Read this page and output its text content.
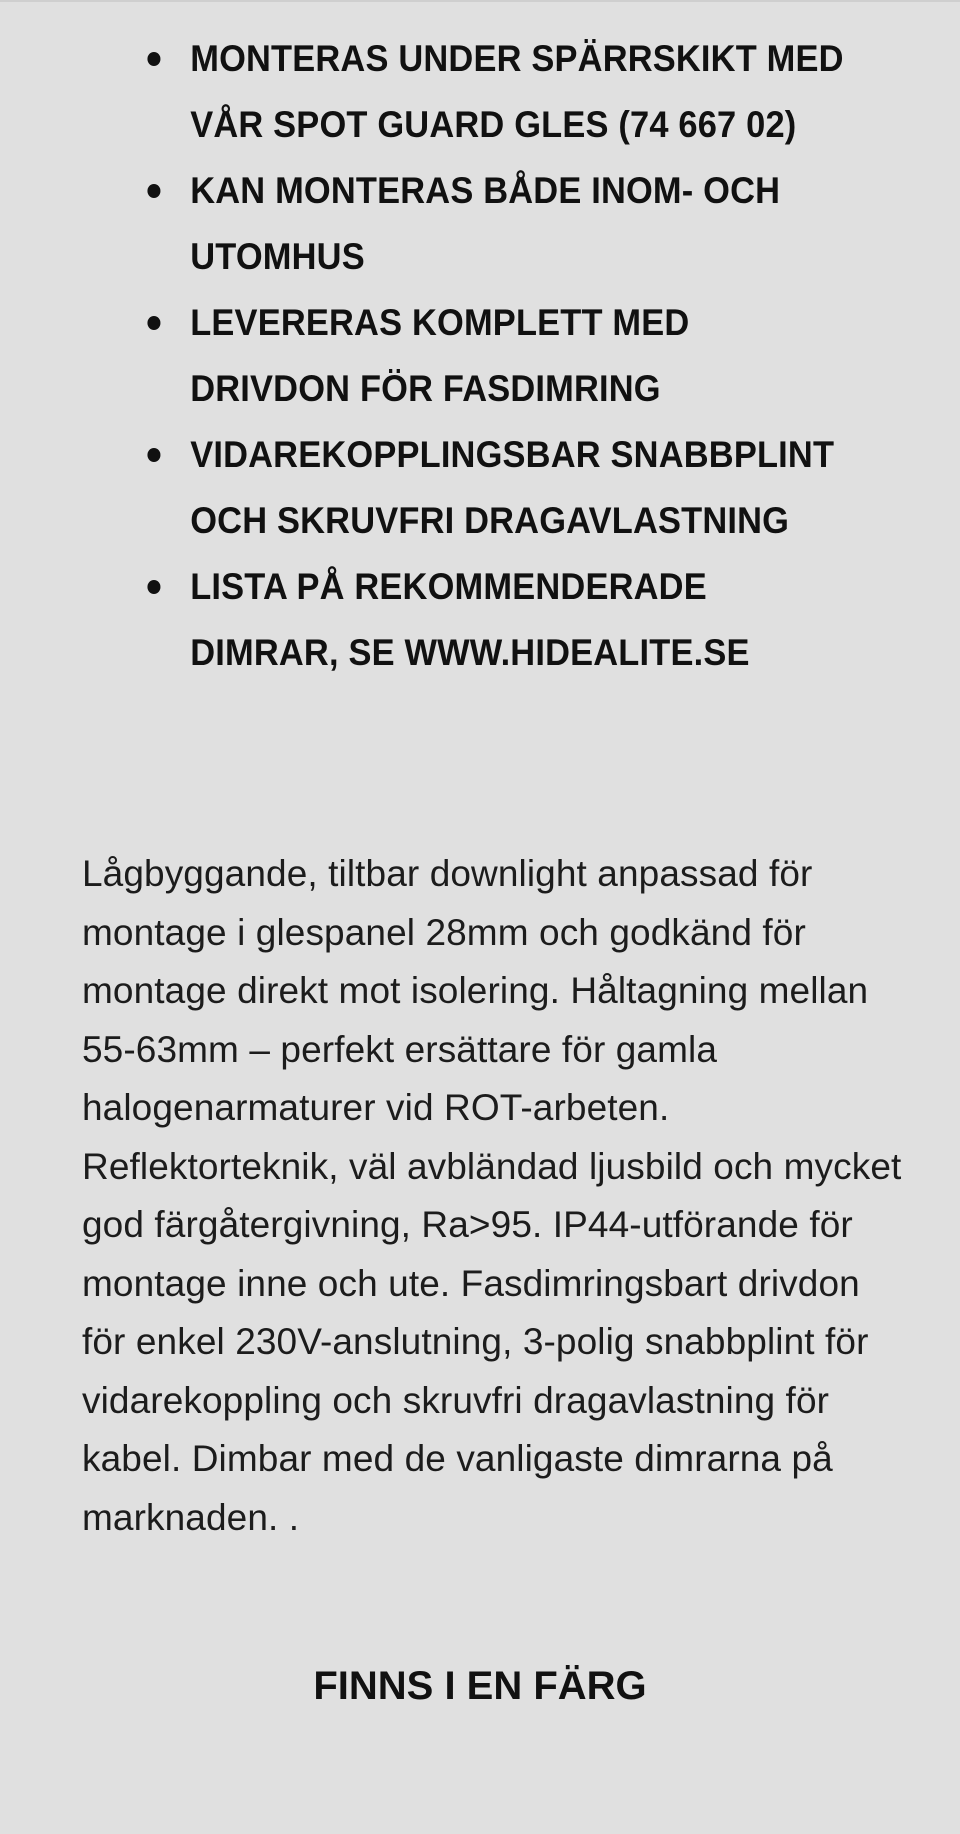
MONTERAS UNDER SPÄRRSKIKT MED VÅR SPOT GUARD GLES (74 667 02)
KAN MONTERAS BÅDE INOM- OCH UTOMHUS
LEVERERAS KOMPLETT MED DRIVDON FÖR FASDIMRING
VIDAREKOPPLINGSBAR SNABBPLINT OCH SKRUVFRI DRAGAVLASTNING
LISTA PÅ REKOMMENDERADE DIMRAR, SE WWW.HIDEALITE.SE

Lågbyggande, tiltbar downlight anpassad för montage i glespanel 28mm och godkänd för montage direkt mot isolering. Håltagning mellan 55-63mm – perfekt ersättare för gamla halogenarmaturer vid ROT-arbeten. Reflektorteknik, väl avbländad ljusbild och mycket god färgåtergivning, Ra>95. IP44-utförande för montage inne och ute. Fasdimringsbart drivdon för enkel 230V-anslutning, 3-polig snabbplint för vidarekoppling och skruvfri dragavlastning för kabel. Dimbar med de vanligaste dimrarna på marknaden. .

FINNS I EN FÄRG
